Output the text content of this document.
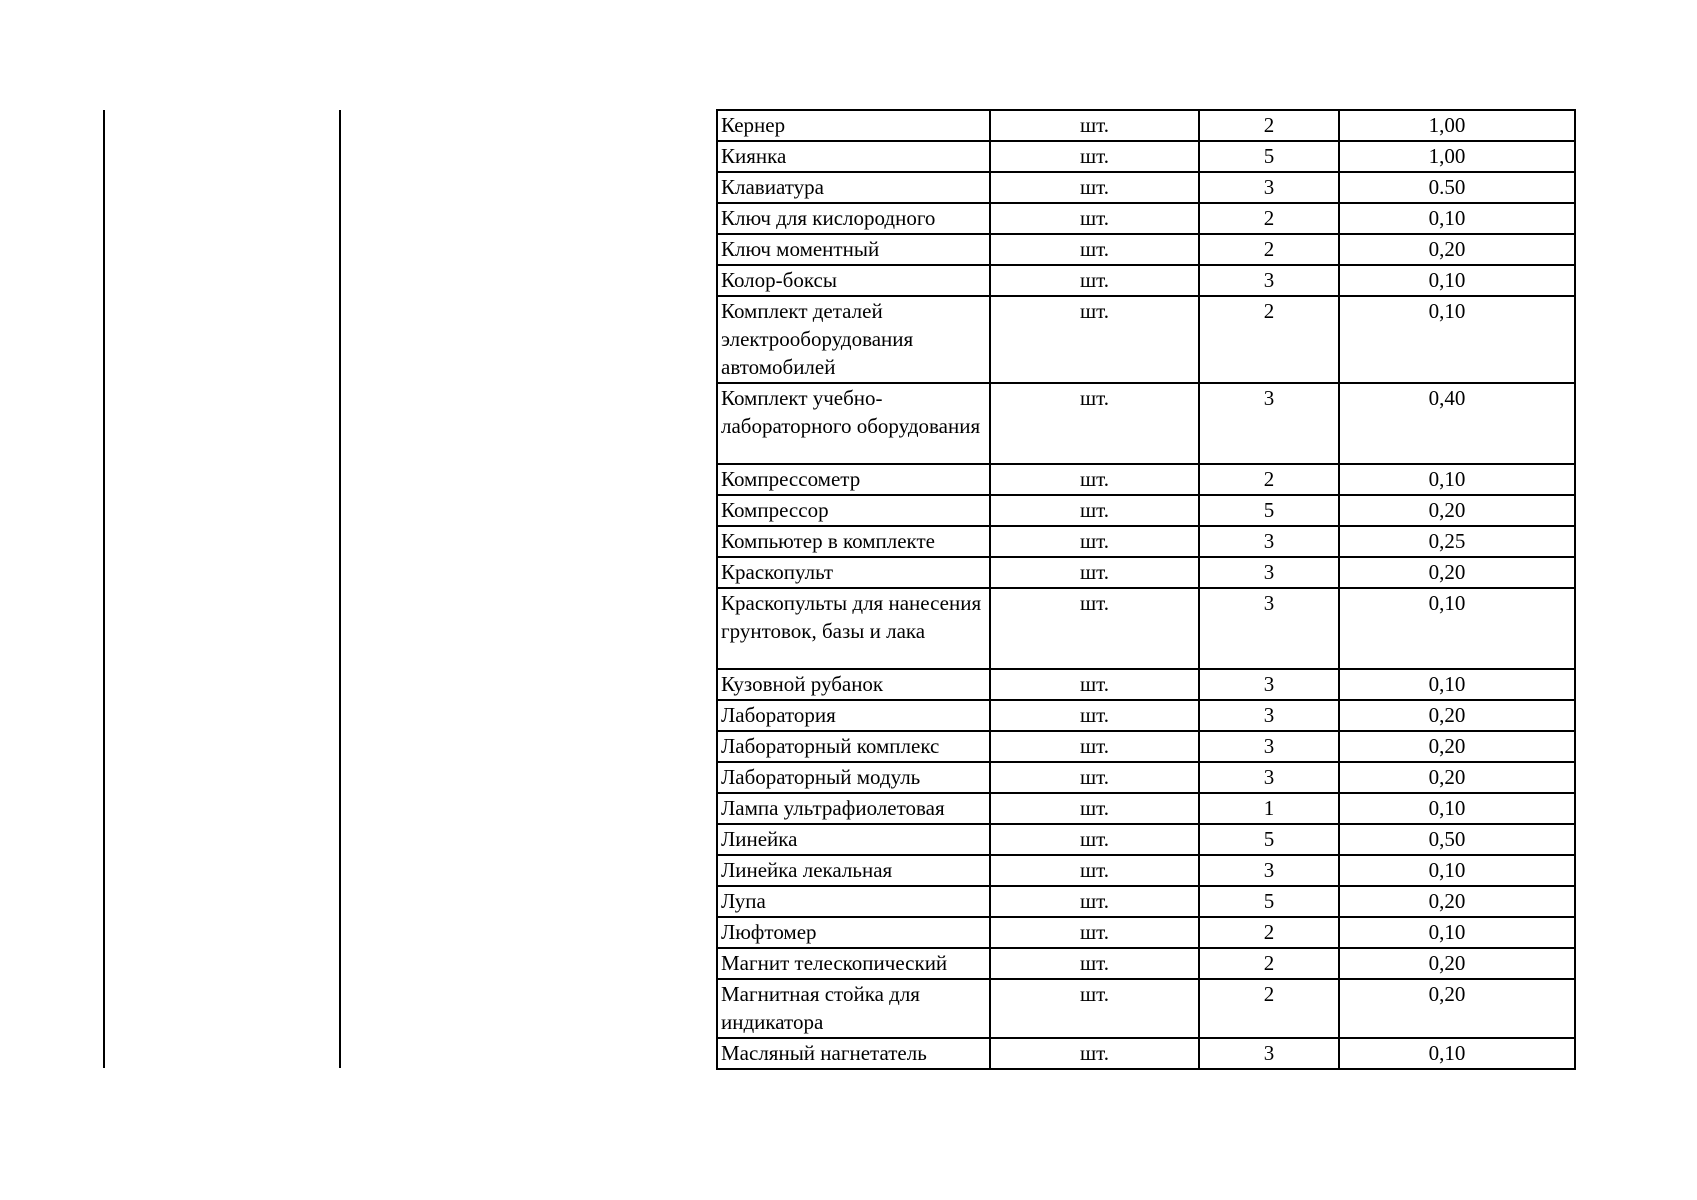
Кернер	шт.	2	1,00
Киянка	шт.	5	1,00
Клавиатура	шт.	3	0.50
Ключ для кислородного	шт.	2	0,10
Ключ моментный	шт.	2	0,20
Колор-боксы	шт.	3	0,10
Комплект деталей электрооборудования автомобилей	шт.	2	0,10
Комплект учебно-лабораторного оборудования	шт.	3	0,40
Компрессометр	шт.	2	0,10
Компрессор	шт.	5	0,20
Компьютер в комплекте	шт.	3	0,25
Краскопульт	шт.	3	0,20
Краскопульты для нанесения грунтовок, базы и лака	шт.	3	0,10
Кузовной рубанок	шт.	3	0,10
Лаборатория	шт.	3	0,20
Лабораторный комплекс	шт.	3	0,20
Лабораторный модуль	шт.	3	0,20
Лампа ультрафиолетовая	шт.	1	0,10
Линейка	шт.	5	0,50
Линейка лекальная	шт.	3	0,10
Лупа	шт.	5	0,20
Люфтомер	шт.	2	0,10
Магнит телескопический	шт.	2	0,20
Магнитная стойка для индикатора	шт.	2	0,20
Масляный нагнетатель	шт.	3	0,10
